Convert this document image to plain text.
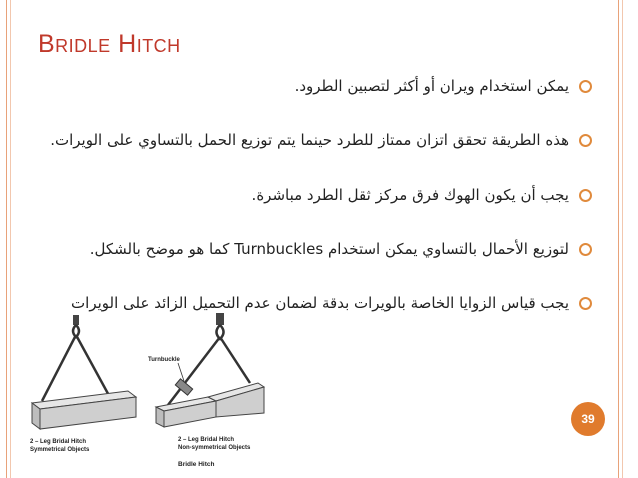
Bridle Hitch
يمكن استخدام ويران أو أكثر لتصبين الطرود.
هذه الطريقة تحقق اتزان ممتاز للطرد حينما يتم توزيع الحمل بالتساوي على الويرات.
يجب أن يكون الهوك فرق مركز ثقل الطرد مباشرة.
لتوزيع الأحمال بالتساوي يمكن استخدام Turnbuckles كما هو موضح بالشكل.
يجب قياس الزوايا الخاصة بالويرات بدقة لضمان عدم التحميل الزائد على الويرات
2 – Leg Bridal Hitch
Symmetrical Objects
Turnbuckle
2 – Leg Bridal Hitch
Non-symmetrical Objects
Bridle Hitch
39
